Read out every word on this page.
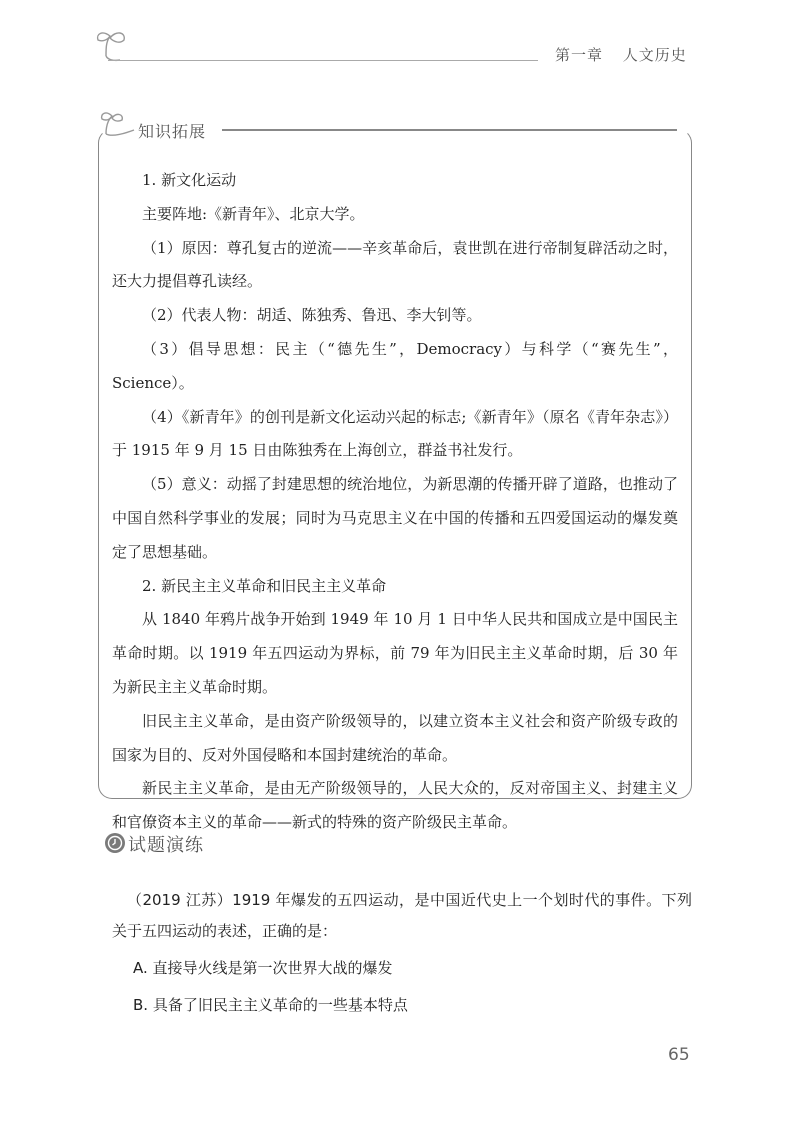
第一章 人文历史
知识拓展

1. 新文化运动

主要阵地:《新青年》、北京大学。

（1）原因：尊孔复古的逆流——辛亥革命后，袁世凯在进行帝制复辟活动之时，还大力提倡尊孔读经。

（2）代表人物：胡适、陈独秀、鲁迅、李大钊等。

（3）倡导思想：民主（“德先生”，Democracy）与科学（“赛先生”，Science）。

（4）《新青年》的创刊是新文化运动兴起的标志;《新青年》（原名《青年杂志》）于 1915 年 9 月 15 日由陈独秀在上海创立，群益书社发行。

（5）意义：动摇了封建思想的统治地位，为新思潮的传播开辟了道路，也推动了中国自然科学事业的发展；同时为马克思主义在中国的传播和五四爱国运动的爆发奠定了思想基础。

2. 新民主主义革命和旧民主主义革命

从 1840 年鸦片战争开始到 1949 年 10 月 1 日中华人民共和国成立是中国民主革命时期。以 1919 年五四运动为界标，前 79 年为旧民主主义革命时期，后 30 年为新民主主义革命时期。

旧民主主义革命，是由资产阶级领导的，以建立资本主义社会和资产阶级专政的国家为目的、反对外国侵略和本国封建统治的革命。

新民主主义革命，是由无产阶级领导的，人民大众的，反对帝国主义、封建主义和官僚资本主义的革命——新式的特殊的资产阶级民主革命。

试题演练

（2019 江苏）1919 年爆发的五四运动，是中国近代史上一个划时代的事件。下列关于五四运动的表述，正确的是：

A. 直接导火线是第一次世界大战的爆发

B. 具备了旧民主主义革命的一些基本特点

65
